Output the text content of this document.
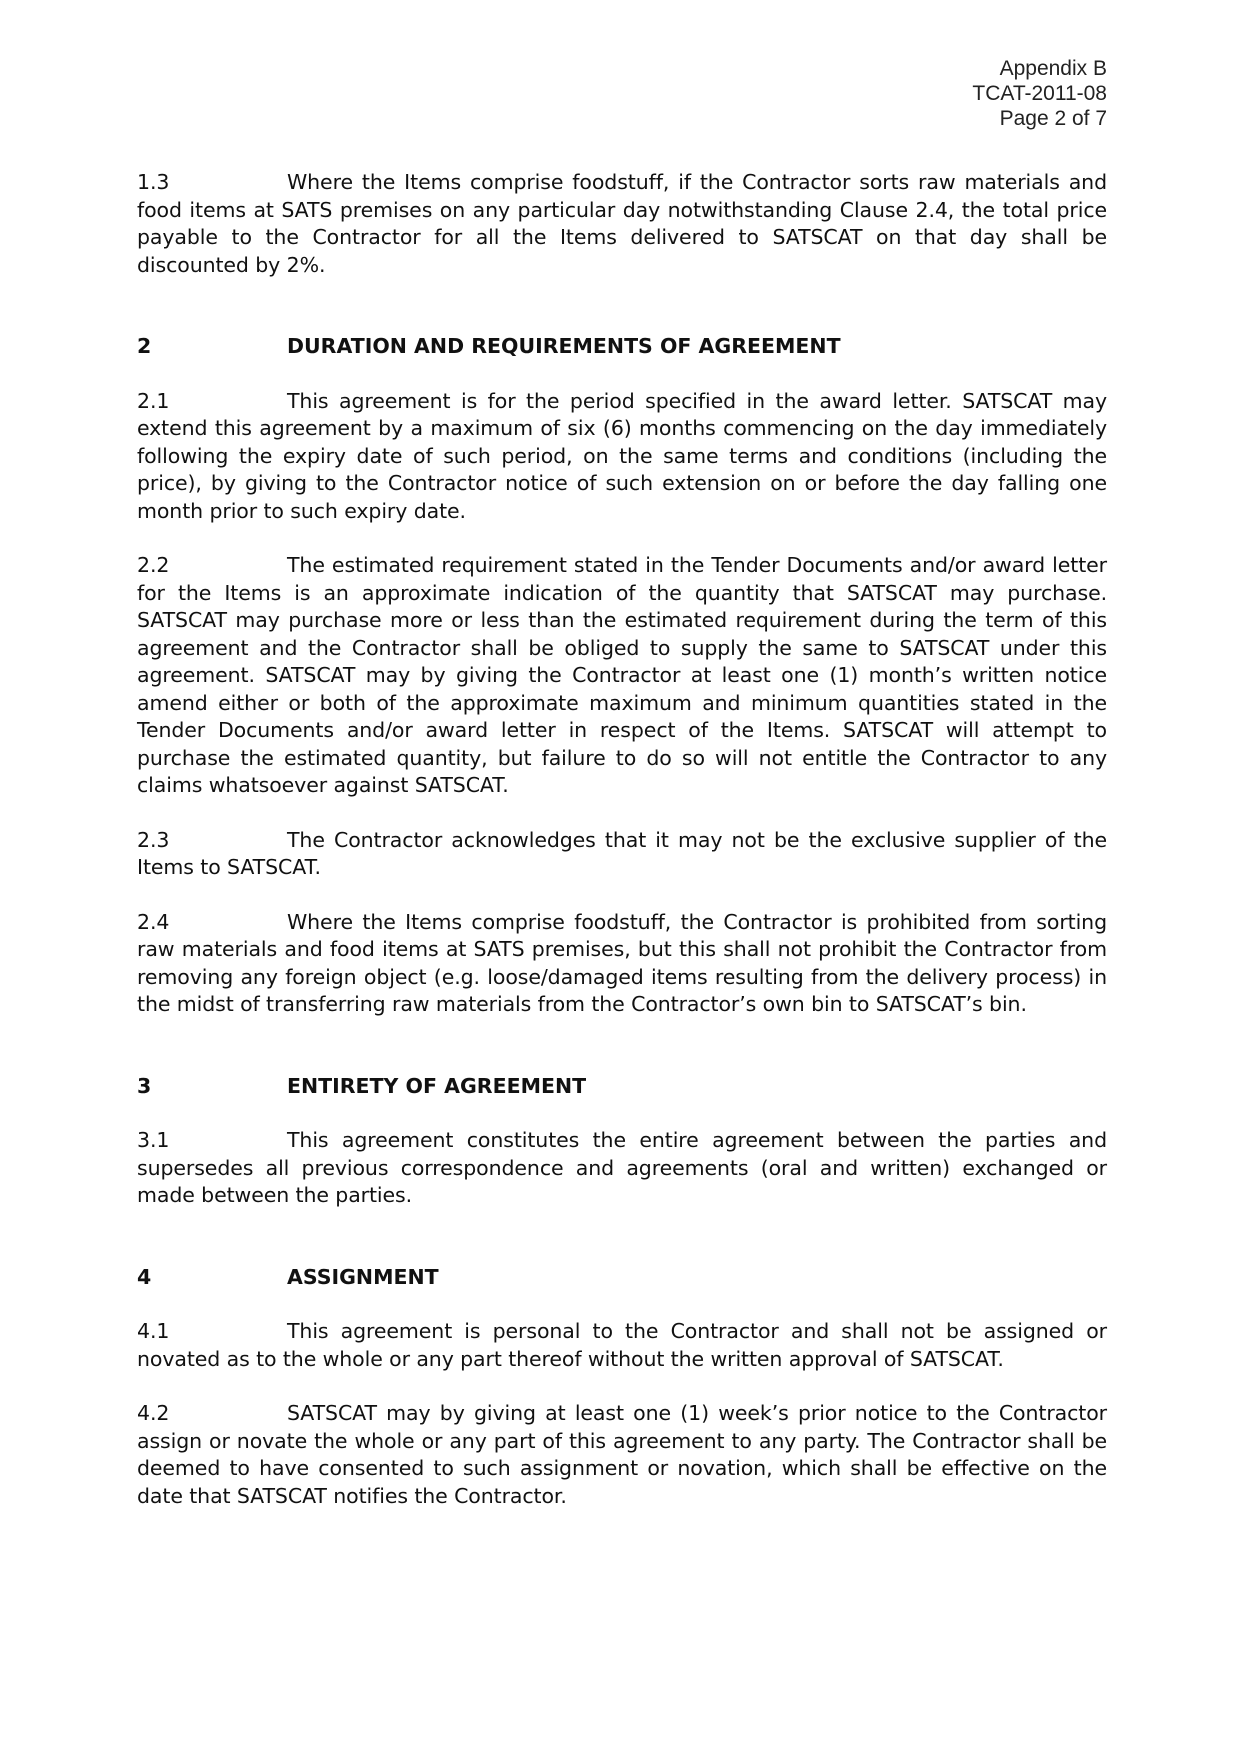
Appendix B
TCAT-2011-08
Page 2 of 7

1.3	Where the Items comprise foodstuff, if the Contractor sorts raw materials and food items at SATS premises on any particular day notwithstanding Clause 2.4, the total price payable to the Contractor for all the Items delivered to SATSCAT on that day shall be discounted by 2%.

2	DURATION AND REQUIREMENTS OF AGREEMENT

2.1	This agreement is for the period specified in the award letter. SATSCAT may extend this agreement by a maximum of six (6) months commencing on the day immediately following the expiry date of such period, on the same terms and conditions (including the price), by giving to the Contractor notice of such extension on or before the day falling one month prior to such expiry date.

2.2	The estimated requirement stated in the Tender Documents and/or award letter for the Items is an approximate indication of the quantity that SATSCAT may purchase. SATSCAT may purchase more or less than the estimated requirement during the term of this agreement and the Contractor shall be obliged to supply the same to SATSCAT under this agreement. SATSCAT may by giving the Contractor at least one (1) month’s written notice amend either or both of the approximate maximum and minimum quantities stated in the Tender Documents and/or award letter in respect of the Items. SATSCAT will attempt to purchase the estimated quantity, but failure to do so will not entitle the Contractor to any claims whatsoever against SATSCAT.

2.3	The Contractor acknowledges that it may not be the exclusive supplier of the Items to SATSCAT.

2.4	Where the Items comprise foodstuff, the Contractor is prohibited from sorting raw materials and food items at SATS premises, but this shall not prohibit the Contractor from removing any foreign object (e.g. loose/damaged items resulting from the delivery process) in the midst of transferring raw materials from the Contractor’s own bin to SATSCAT’s bin.

3	ENTIRETY OF AGREEMENT

3.1	This agreement constitutes the entire agreement between the parties and supersedes all previous correspondence and agreements (oral and written) exchanged or made between the parties.

4	ASSIGNMENT

4.1	This agreement is personal to the Contractor and shall not be assigned or novated as to the whole or any part thereof without the written approval of SATSCAT.

4.2	SATSCAT may by giving at least one (1) week’s prior notice to the Contractor assign or novate the whole or any part of this agreement to any party. The Contractor shall be deemed to have consented to such assignment or novation, which shall be effective on the date that SATSCAT notifies the Contractor.
